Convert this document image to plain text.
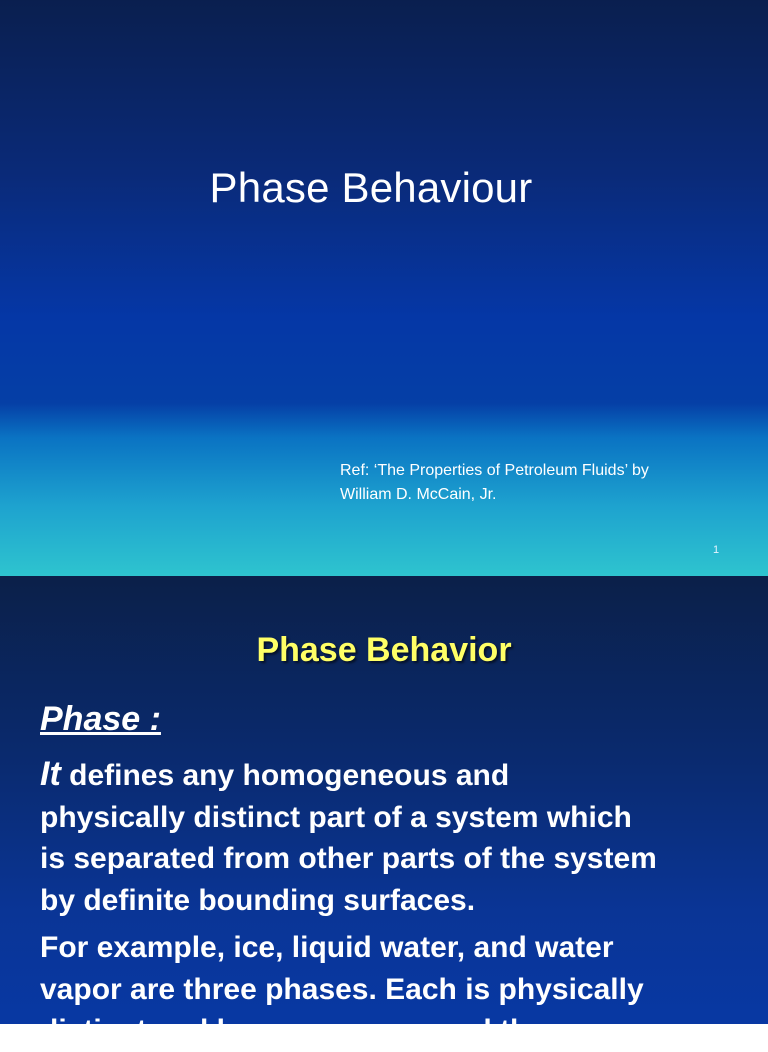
Phase Behaviour
Ref: ‘The Properties of Petroleum Fluids’ by
William D. McCain, Jr.
1
Phase Behavior
Phase :
It defines any homogeneous and
physically distinct part of a system which
is separated from other parts of the system
by definite bounding surfaces.
For example, ice, liquid water, and water
vapor are three phases. Each is physically
distinct and homogeneous, and there are
